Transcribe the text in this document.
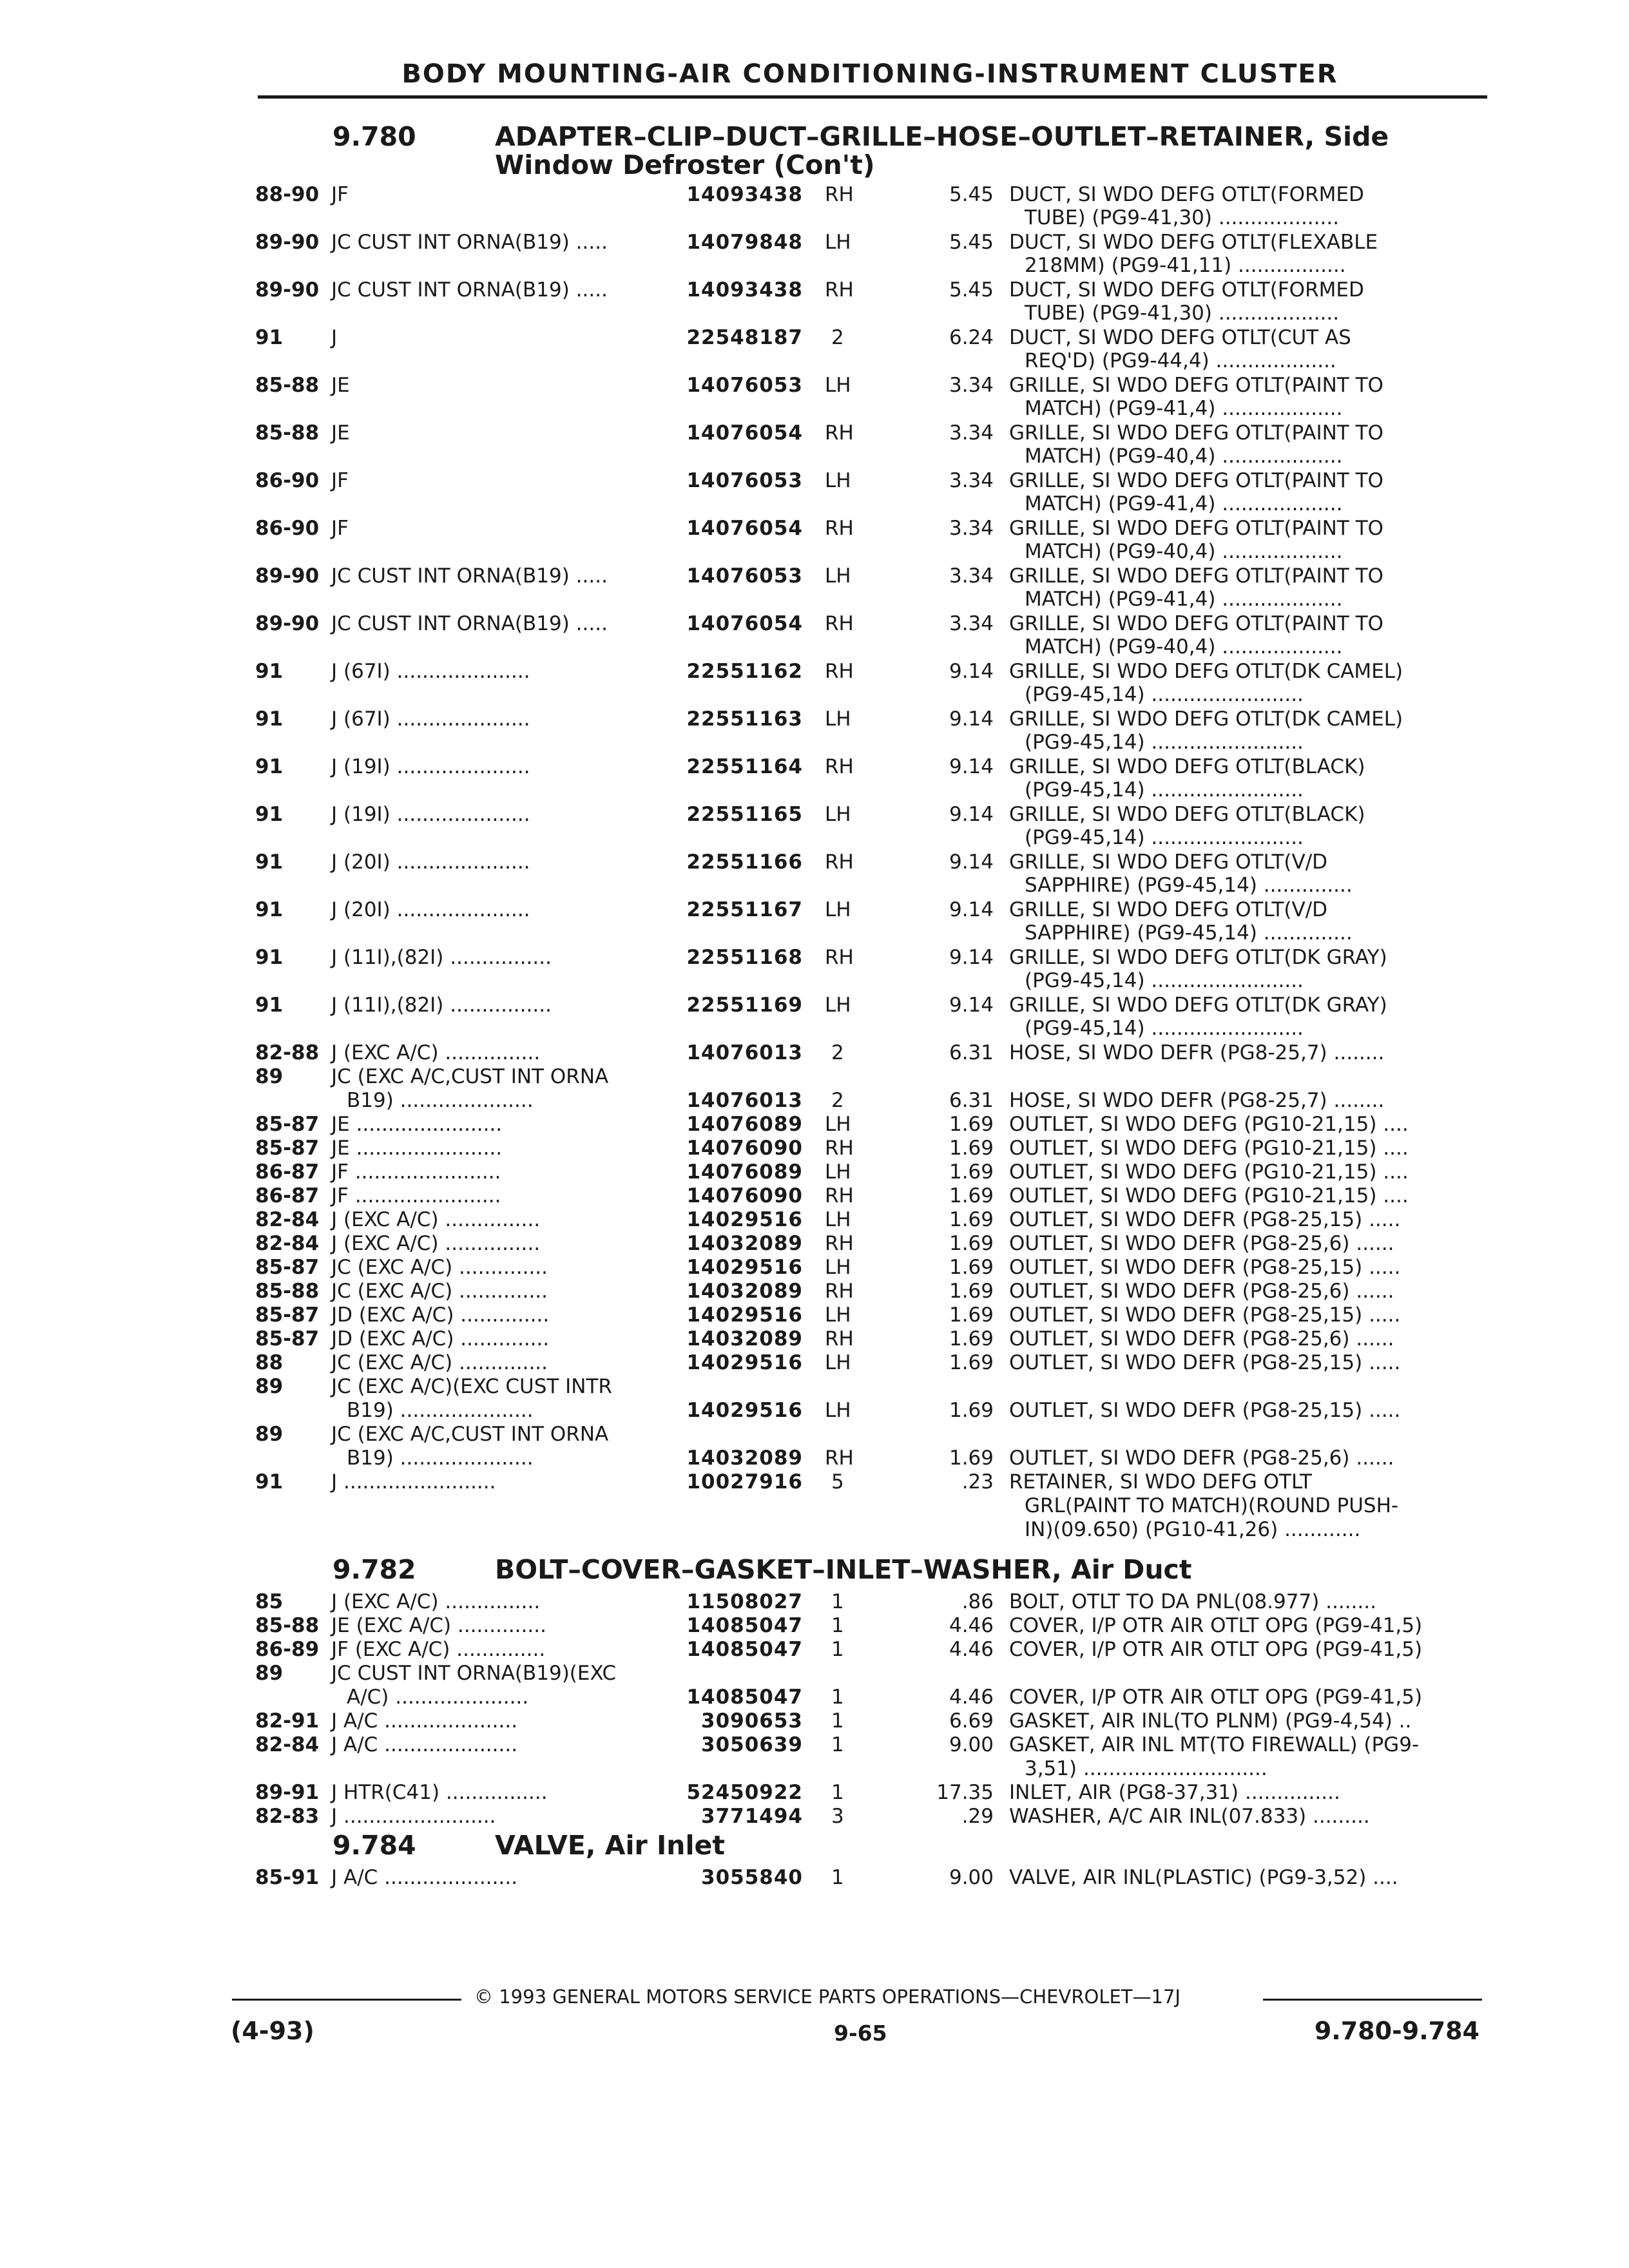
BODY MOUNTING-AIR CONDITIONING-INSTRUMENT CLUSTER
9.780	ADAPTER–CLIP–DUCT–GRILLE–HOSE–OUTLET–RETAINER, Side
Window Defroster (Con't)
88-90 JF	14093438 RH	5.45 DUCT, SI WDO DEFG OTLT(FORMED
TUBE) (PG9-41,30) ...................
89-90 JC CUST INT ORNA(B19) .....	14079848 LH	5.45 DUCT, SI WDO DEFG OTLT(FLEXABLE
218MM) (PG9-41,11) .................
89-90 JC CUST INT ORNA(B19) .....	14093438 RH	5.45 DUCT, SI WDO DEFG OTLT(FORMED
TUBE) (PG9-41,30) ...................
91 J	22548187 2	6.24 DUCT, SI WDO DEFG OTLT(CUT AS
REQ'D) (PG9-44,4) ...................
85-88 JE	14076053 LH	3.34 GRILLE, SI WDO DEFG OTLT(PAINT TO
MATCH) (PG9-41,4) ...................
85-88 JE	14076054 RH	3.34 GRILLE, SI WDO DEFG OTLT(PAINT TO
MATCH) (PG9-40,4) ...................
86-90 JF	14076053 LH	3.34 GRILLE, SI WDO DEFG OTLT(PAINT TO
MATCH) (PG9-41,4) ...................
86-90 JF	14076054 RH	3.34 GRILLE, SI WDO DEFG OTLT(PAINT TO
MATCH) (PG9-40,4) ...................
89-90 JC CUST INT ORNA(B19) .....	14076053 LH	3.34 GRILLE, SI WDO DEFG OTLT(PAINT TO
MATCH) (PG9-41,4) ...................
89-90 JC CUST INT ORNA(B19) .....	14076054 RH	3.34 GRILLE, SI WDO DEFG OTLT(PAINT TO
MATCH) (PG9-40,4) ...................
91 J (67I) .....................	22551162 RH	9.14 GRILLE, SI WDO DEFG OTLT(DK CAMEL)
(PG9-45,14) ........................
91 J (67I) .....................	22551163 LH	9.14 GRILLE, SI WDO DEFG OTLT(DK CAMEL)
(PG9-45,14) ........................
91 J (19I) .....................	22551164 RH	9.14 GRILLE, SI WDO DEFG OTLT(BLACK)
(PG9-45,14) ........................
91 J (19I) .....................	22551165 LH	9.14 GRILLE, SI WDO DEFG OTLT(BLACK)
(PG9-45,14) ........................
91 J (20I) .....................	22551166 RH	9.14 GRILLE, SI WDO DEFG OTLT(V/D
SAPPHIRE) (PG9-45,14) ..............
91 J (20I) .....................	22551167 LH	9.14 GRILLE, SI WDO DEFG OTLT(V/D
SAPPHIRE) (PG9-45,14) ..............
91 J (11I),(82I) ................	22551168 RH	9.14 GRILLE, SI WDO DEFG OTLT(DK GRAY)
(PG9-45,14) ........................
91 J (11I),(82I) ................	22551169 LH	9.14 GRILLE, SI WDO DEFG OTLT(DK GRAY)
(PG9-45,14) ........................
82-88 J (EXC A/C) ...............	14076013 2	6.31 HOSE, SI WDO DEFR (PG8-25,7) ........
89 JC (EXC A/C,CUST INT ORNA
B19) .....................	14076013 2	6.31 HOSE, SI WDO DEFR (PG8-25,7) ........
85-87 JE .......................	14076089 LH	1.69 OUTLET, SI WDO DEFG (PG10-21,15) ....
85-87 JE .......................	14076090 RH	1.69 OUTLET, SI WDO DEFG (PG10-21,15) ....
86-87 JF .......................	14076089 LH	1.69 OUTLET, SI WDO DEFG (PG10-21,15) ....
86-87 JF .......................	14076090 RH	1.69 OUTLET, SI WDO DEFG (PG10-21,15) ....
82-84 J (EXC A/C) ...............	14029516 LH	1.69 OUTLET, SI WDO DEFR (PG8-25,15) .....
82-84 J (EXC A/C) ...............	14032089 RH	1.69 OUTLET, SI WDO DEFR (PG8-25,6) ......
85-87 JC (EXC A/C) ..............	14029516 LH	1.69 OUTLET, SI WDO DEFR (PG8-25,15) .....
85-88 JC (EXC A/C) ..............	14032089 RH	1.69 OUTLET, SI WDO DEFR (PG8-25,6) ......
85-87 JD (EXC A/C) ..............	14029516 LH	1.69 OUTLET, SI WDO DEFR (PG8-25,15) .....
85-87 JD (EXC A/C) ..............	14032089 RH	1.69 OUTLET, SI WDO DEFR (PG8-25,6) ......
88 JC (EXC A/C) ..............	14029516 LH	1.69 OUTLET, SI WDO DEFR (PG8-25,15) .....
89 JC (EXC A/C)(EXC CUST INTR
B19) .....................	14029516 LH	1.69 OUTLET, SI WDO DEFR (PG8-25,15) .....
89 JC (EXC A/C,CUST INT ORNA
B19) .....................	14032089 RH	1.69 OUTLET, SI WDO DEFR (PG8-25,6) ......
91 J ........................	10027916 5	.23 RETAINER, SI WDO DEFG OTLT
GRL(PAINT TO MATCH)(ROUND PUSH-
IN)(09.650) (PG10-41,26) ............
9.782	BOLT–COVER–GASKET–INLET–WASHER, Air Duct
85 J (EXC A/C) ...............	11508027 1	.86 BOLT, OTLT TO DA PNL(08.977) ........
85-88 JE (EXC A/C) ..............	14085047 1	4.46 COVER, I/P OTR AIR OTLT OPG (PG9-41,5)
86-89 JF (EXC A/C) ..............	14085047 1	4.46 COVER, I/P OTR AIR OTLT OPG (PG9-41,5)
89 JC CUST INT ORNA(B19)(EXC
A/C) .....................	14085047 1	4.46 COVER, I/P OTR AIR OTLT OPG (PG9-41,5)
82-91 J A/C .....................	3090653 1	6.69 GASKET, AIR INL(TO PLNM) (PG9-4,54) ..
82-84 J A/C .....................	3050639 1	9.00 GASKET, AIR INL MT(TO FIREWALL) (PG9-
3,51) .............................
89-91 J HTR(C41) ................	52450922 1	17.35 INLET, AIR (PG8-37,31) ...............
82-83 J ........................	3771494 3	.29 WASHER, A/C AIR INL(07.833) .........
9.784	VALVE, Air Inlet
85-91 J A/C .....................	3055840 1	9.00 VALVE, AIR INL(PLASTIC) (PG9-3,52) ....
© 1993 GENERAL MOTORS SERVICE PARTS OPERATIONS—CHEVROLET—17J
(4-93)	9-65	9.780-9.784
